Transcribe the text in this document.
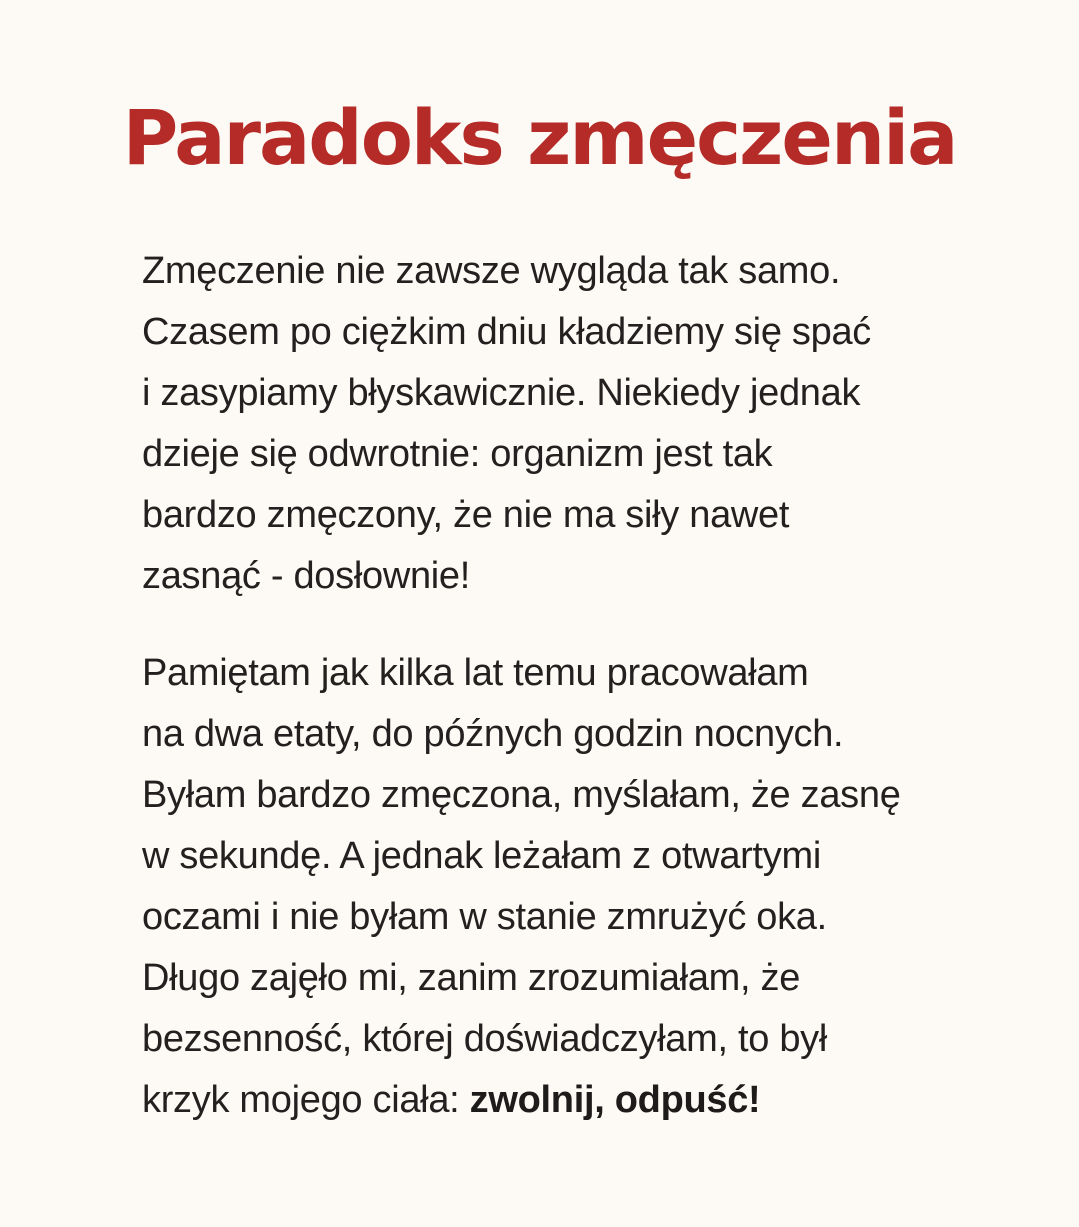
Paradoks zmęczenia

Zmęczenie nie zawsze wygląda tak samo.
Czasem po ciężkim dniu kładziemy się spać
i zasypiamy błyskawicznie. Niekiedy jednak
dzieje się odwrotnie: organizm jest tak
bardzo zmęczony, że nie ma siły nawet
zasnąć - dosłownie!

Pamiętam jak kilka lat temu pracowałam
na dwa etaty, do późnych godzin nocnych.
Byłam bardzo zmęczona, myślałam, że zasnę
w sekundę. A jednak leżałam z otwartymi
oczami i nie byłam w stanie zmrużyć oka.
Długo zajęło mi, zanim zrozumiałam, że
bezsenność, której doświadczyłam, to był
krzyk mojego ciała: zwolnij, odpuść!
